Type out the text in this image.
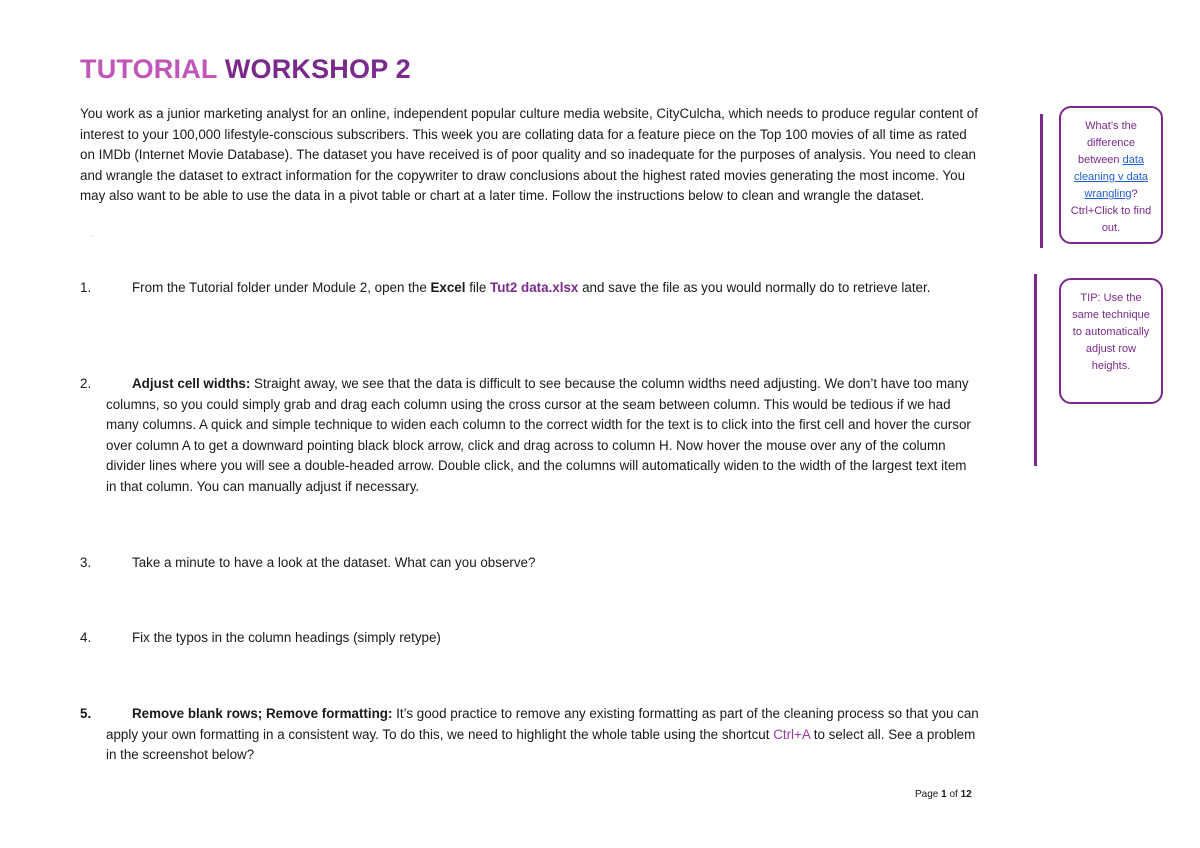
TUTORIAL WORKSHOP 2

You work as a junior marketing analyst for an online, independent popular culture media website, CityCulcha, which needs to produce regular content of interest to your 100,000 lifestyle-conscious subscribers. This week you are collating data for a feature piece on the Top 100 movies of all time as rated on IMDb (Internet Movie Database). The dataset you have received is of poor quality and so inadequate for the purposes of analysis. You need to clean and wrangle the dataset to extract information for the copywriter to draw conclusions about the highest rated movies generating the most income. You may also want to be able to use the data in a pivot table or chart at a later time. Follow the instructions below to clean and wrangle the dataset.

'
1.	From the Tutorial folder under Module 2, open the Excel file Tut2 data.xlsx and save the file as you would normally do to retrieve later.
2.	Adjust cell widths: Straight away, we see that the data is difficult to see because the column widths need adjusting. We don’t have too many columns, so you could simply grab and drag each column using the cross cursor at the seam between column. This would be tedious if we had many columns. A quick and simple technique to widen each column to the correct width for the text is to click into the first cell and hover the cursor over column A to get a downward pointing black block arrow, click and drag across to column H. Now hover the mouse over any of the column divider lines where you will see a double-headed arrow. Double click, and the columns will automatically widen to the width of the largest text item in that column. You can manually adjust if necessary.
3.	Take a minute to have a look at the dataset. What can you observe?
4.	Fix the typos in the column headings (simply retype)
5.	Remove blank rows; Remove formatting: It’s good practice to remove any existing formatting as part of the cleaning process so that you can apply your own formatting in a consistent way. To do this, we need to highlight the whole table using the shortcut Ctrl+A to select all. See a problem in the screenshot below?
What’s the difference between data cleaning v data wrangling? Ctrl+Click to find out.
TIP: Use the same technique to automatically adjust row heights.
Page 1 of 12
